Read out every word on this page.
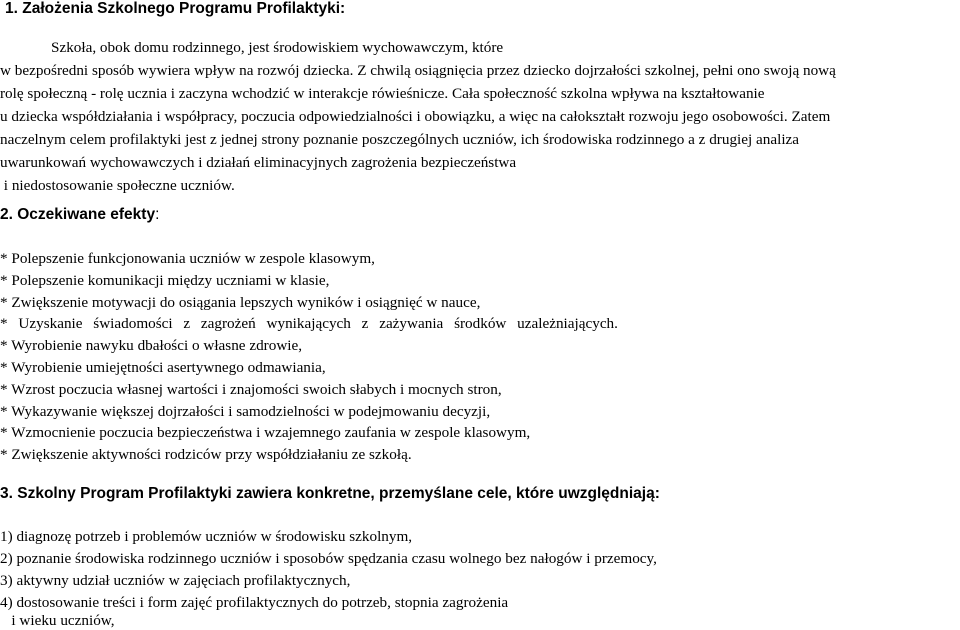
1. Założenia Szkolnego Programu Profilaktyki:
Szkoła, obok domu rodzinnego, jest środowiskiem wychowawczym, które
w bezpośredni sposób wywiera wpływ na rozwój dziecka. Z chwilą osiągnięcia przez dziecko dojrzałości szkolnej, pełni ono swoją nową
rolę społeczną - rolę ucznia i zaczyna wchodzić w interakcje rówieśnicze. Cała społeczność szkolna wpływa na kształtowanie
u dziecka współdziałania i współpracy, poczucia odpowiedzialności i obowiązku, a więc na całokształt rozwoju jego osobowości. Zatem
naczelnym celem profilaktyki jest z jednej strony poznanie poszczególnych uczniów, ich środowiska rodzinnego a z drugiej analiza
uwarunkowań wychowawczych i działań eliminacyjnych zagrożenia bezpieczeństwa
i niedostosowanie społeczne uczniów.
2. Oczekiwane efekty:
* Polepszenie funkcjonowania uczniów w zespole klasowym,
* Polepszenie komunikacji między uczniami w klasie,
* Zwiększenie motywacji do osiągania lepszych wyników i osiągnięć w nauce,
* Uzyskanie świadomości z zagrożeń wynikających z zażywania środków uzależniających.
* Wyrobienie nawyku dbałości o własne zdrowie,
* Wyrobienie umiejętności asertywnego odmawiania,
* Wzrost poczucia własnej wartości i znajomości swoich słabych i mocnych stron,
* Wykazywanie większej dojrzałości i samodzielności w podejmowaniu decyzji,
* Wzmocnienie poczucia bezpieczeństwa i wzajemnego zaufania w zespole klasowym,
* Zwiększenie aktywności rodziców przy współdziałaniu ze szkołą.
3. Szkolny Program Profilaktyki zawiera konkretne, przemyślane cele, które uwzględniają:
1) diagnozę potrzeb i problemów uczniów w środowisku szkolnym,
2) poznanie środowiska rodzinnego uczniów i sposobów spędzania czasu wolnego bez nałogów i przemocy,
3) aktywny udział uczniów w zajęciach profilaktycznych,
4) dostosowanie treści i form zajęć profilaktycznych do potrzeb, stopnia zagrożenia
i wieku uczniów,
